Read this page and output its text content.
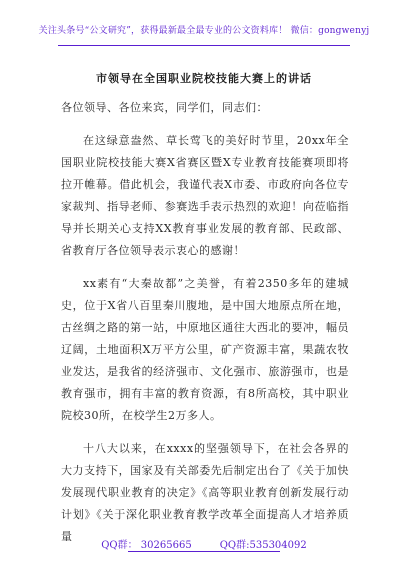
关注头条号“公文研究”，获得最新最全最专业的公文资料库！ 微信：gongwenyj
市领导在全国职业院校技能大赛上的讲话

各位领导、各位来宾，同学们，同志们：

在这绿意盎然、草长莺飞的美好时节里，20xx年全国职业院校技能大赛X省赛区暨X专业教育技能赛项即将拉开帷幕。借此机会，我谨代表X市委、市政府向各位专家裁判、指导老师、参赛选手表示热烈的欢迎！向莅临指导并长期关心支持XX教育事业发展的教育部、民政部、省教育厅各位领导表示衷心的感谢！

xx素有“大秦故都”之美誉，有着2350多年的建城史，位于X省八百里秦川腹地，是中国大地原点所在地，古丝绸之路的第一站，中原地区通往大西北的要冲，幅员辽阔，土地面积X万平方公里，矿产资源丰富，果蔬农牧业发达，是我省的经济强市、文化强市、旅游强市，也是教育强市，拥有丰富的教育资源，有8所高校，其中职业院校30所，在校学生2万多人。

十八大以来，在xxxx的坚强领导下，在社会各界的大力支持下，国家及有关部委先后制定出台了《关于加快发展现代职业教育的决定》《高等职业教育创新发展行动计划》《关于深化职业教育教学改革全面提高人才培养质量

QQ群： 30265665	QQ群:535304092
